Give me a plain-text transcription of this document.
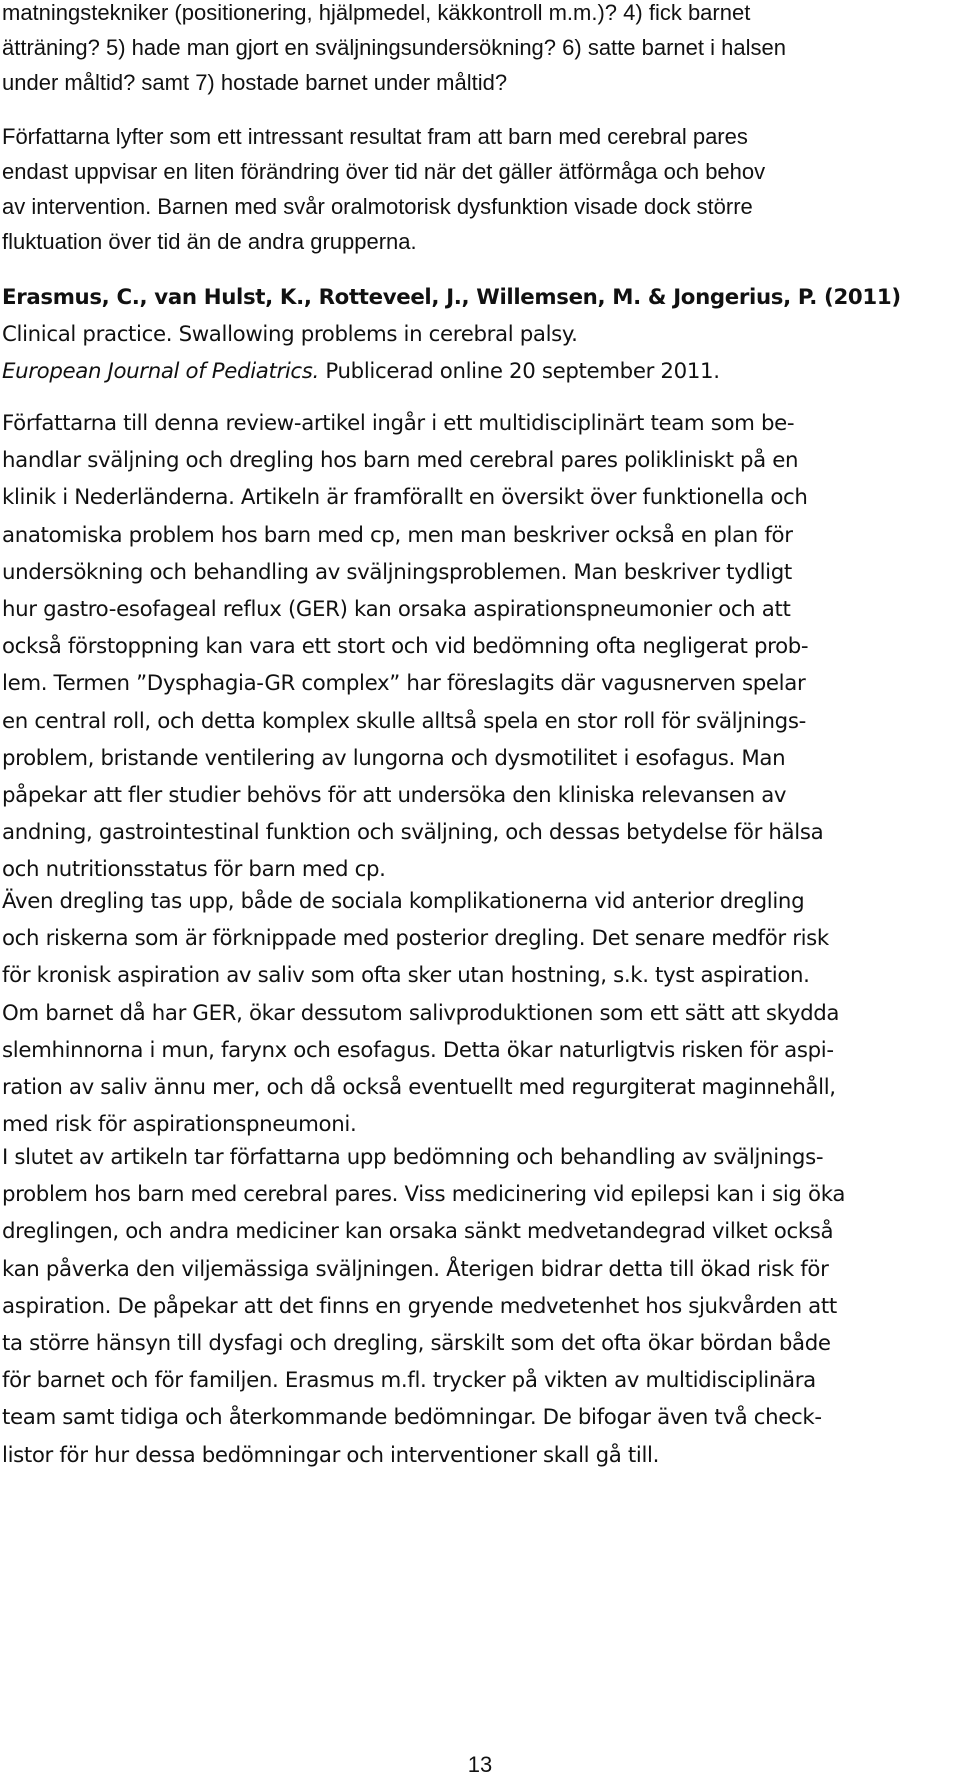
matningstekniker (positionering, hjälpmedel, käkkontroll m.m.)? 4) fick barnet
ätträning? 5) hade man gjort en sväljningsundersökning? 6) satte barnet i halsen
under måltid? samt 7) hostade barnet under måltid?

Författarna lyfter som ett intressant resultat fram att barn med cerebral pares
endast uppvisar en liten förändring över tid när det gäller ätförmåga och behov
av intervention. Barnen med svår oralmotorisk dysfunktion visade dock större
fluktuation över tid än de andra grupperna.

Erasmus, C., van Hulst, K., Rotteveel, J., Willemsen, M. & Jongerius, P. (2011)
Clinical practice. Swallowing problems in cerebral palsy.
European Journal of Pediatrics. Publicerad online 20 september 2011.

Författarna till denna review-artikel ingår i ett multidisciplinärt team som be-
handlar sväljning och dregling hos barn med cerebral pares polikliniskt på en
klinik i Nederländerna. Artikeln är framförallt en översikt över funktionella och
anatomiska problem hos barn med cp, men man beskriver också en plan för
undersökning och behandling av sväljningsproblemen. Man beskriver tydligt
hur gastro-esofageal reflux (GER) kan orsaka aspirationspneumonier och att
också förstoppning kan vara ett stort och vid bedömning ofta negligerat prob-
lem. Termen ”Dysphagia-GR complex” har föreslagits där vagusnerven spelar
en central roll, och detta komplex skulle alltså spela en stor roll för sväljnings-
problem, bristande ventilering av lungorna och dysmotilitet i esofagus. Man
påpekar att fler studier behövs för att undersöka den kliniska relevansen av
andning, gastrointestinal funktion och sväljning, och dessas betydelse för hälsa
och nutritionsstatus för barn med cp.

Även dregling tas upp, både de sociala komplikationerna vid anterior dregling
och riskerna som är förknippade med posterior dregling. Det senare medför risk
för kronisk aspiration av saliv som ofta sker utan hostning, s.k. tyst aspiration.
Om barnet då har GER, ökar dessutom salivproduktionen som ett sätt att skydda
slemhinnorna i mun, farynx och esofagus. Detta ökar naturligtvis risken för aspi-
ration av saliv ännu mer, och då också eventuellt med regurgiterat maginnehåll,
med risk för aspirationspneumoni.

I slutet av artikeln tar författarna upp bedömning och behandling av sväljnings-
problem hos barn med cerebral pares. Viss medicinering vid epilepsi kan i sig öka
dreglingen, och andra mediciner kan orsaka sänkt medvetandegrad vilket också
kan påverka den viljemässiga sväljningen. Återigen bidrar detta till ökad risk för
aspiration. De påpekar att det finns en gryende medvetenhet hos sjukvården att
ta större hänsyn till dysfagi och dregling, särskilt som det ofta ökar bördan både
för barnet och för familjen. Erasmus m.fl. trycker på vikten av multidisciplinära
team samt tidiga och återkommande bedömningar. De bifogar även två check-
listor för hur dessa bedömningar och interventioner skall gå till.

13
